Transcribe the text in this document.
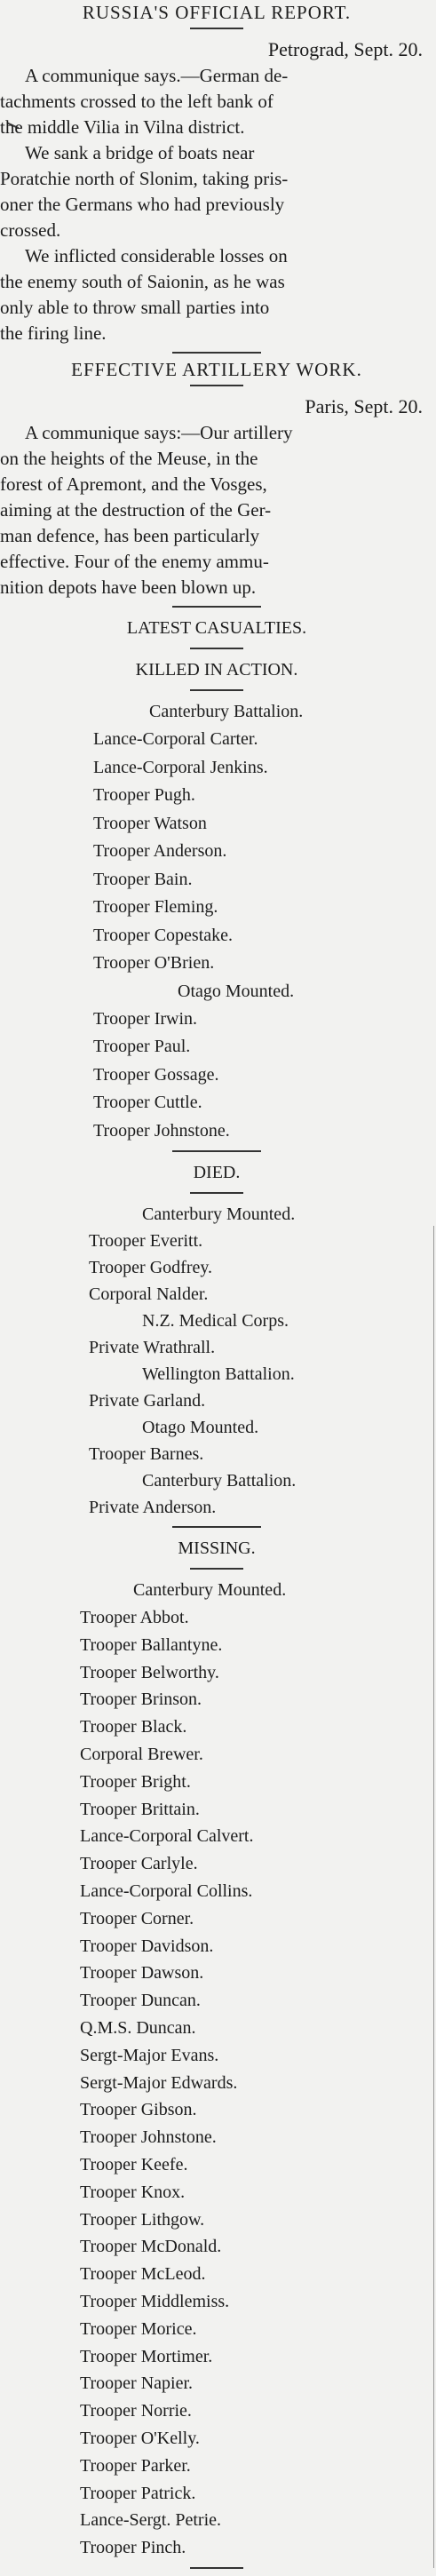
RUSSIA'S OFFICIAL REPORT.
Petrograd, Sept. 20.
A communique says.—German de-
tachments crossed to the left bank of
the middle Vilia in Vilna district.
We sank a bridge of boats near
Poratchie north of Slonim, taking pris-
oner the Germans who had previously
crossed.
We inflicted considerable losses on
the enemy south of Saionin, as he was
only able to throw small parties into
the firing line.
EFFECTIVE ARTILLERY WORK.
Paris, Sept. 20.
A communique says:—Our artillery
on the heights of the Meuse, in the
forest of Apremont, and the Vosges,
aiming at the destruction of the Ger-
man defence, has been particularly
effective. Four of the enemy ammu-
nition depots have been blown up.
LATEST CASUALTIES.
KILLED IN ACTION.
Canterbury Battalion.
Lance-Corporal Carter.
Lance-Corporal Jenkins.
Trooper Pugh.
Trooper Watson
Trooper Anderson.
Trooper Bain.
Trooper Fleming.
Trooper Copestake.
Trooper O'Brien.
Otago Mounted.
Trooper Irwin.
Trooper Paul.
Trooper Gossage.
Trooper Cuttle.
Trooper Johnstone.
DIED.
Canterbury Mounted.
Trooper Everitt.
Trooper Godfrey.
Corporal Nalder.
N.Z. Medical Corps.
Private Wrathrall.
Wellington Battalion.
Private Garland.
Otago Mounted.
Trooper Barnes.
Canterbury Battalion.
Private Anderson.
MISSING.
Canterbury Mounted.
Trooper Abbot.
Trooper Ballantyne.
Trooper Belworthy.
Trooper Brinson.
Trooper Black.
Corporal Brewer.
Trooper Bright.
Trooper Brittain.
Lance-Corporal Calvert.
Trooper Carlyle.
Lance-Corporal Collins.
Trooper Corner.
Trooper Davidson.
Trooper Dawson.
Trooper Duncan.
Q.M.S. Duncan.
Sergt-Major Evans.
Sergt-Major Edwards.
Trooper Gibson.
Trooper Johnstone.
Trooper Keefe.
Trooper Knox.
Trooper Lithgow.
Trooper McDonald.
Trooper McLeod.
Trooper Middlemiss.
Trooper Morice.
Trooper Mortimer.
Trooper Napier.
Trooper Norrie.
Trooper O'Kelly.
Trooper Parker.
Trooper Patrick.
Lance-Sergt. Petrie.
Trooper Pinch.
